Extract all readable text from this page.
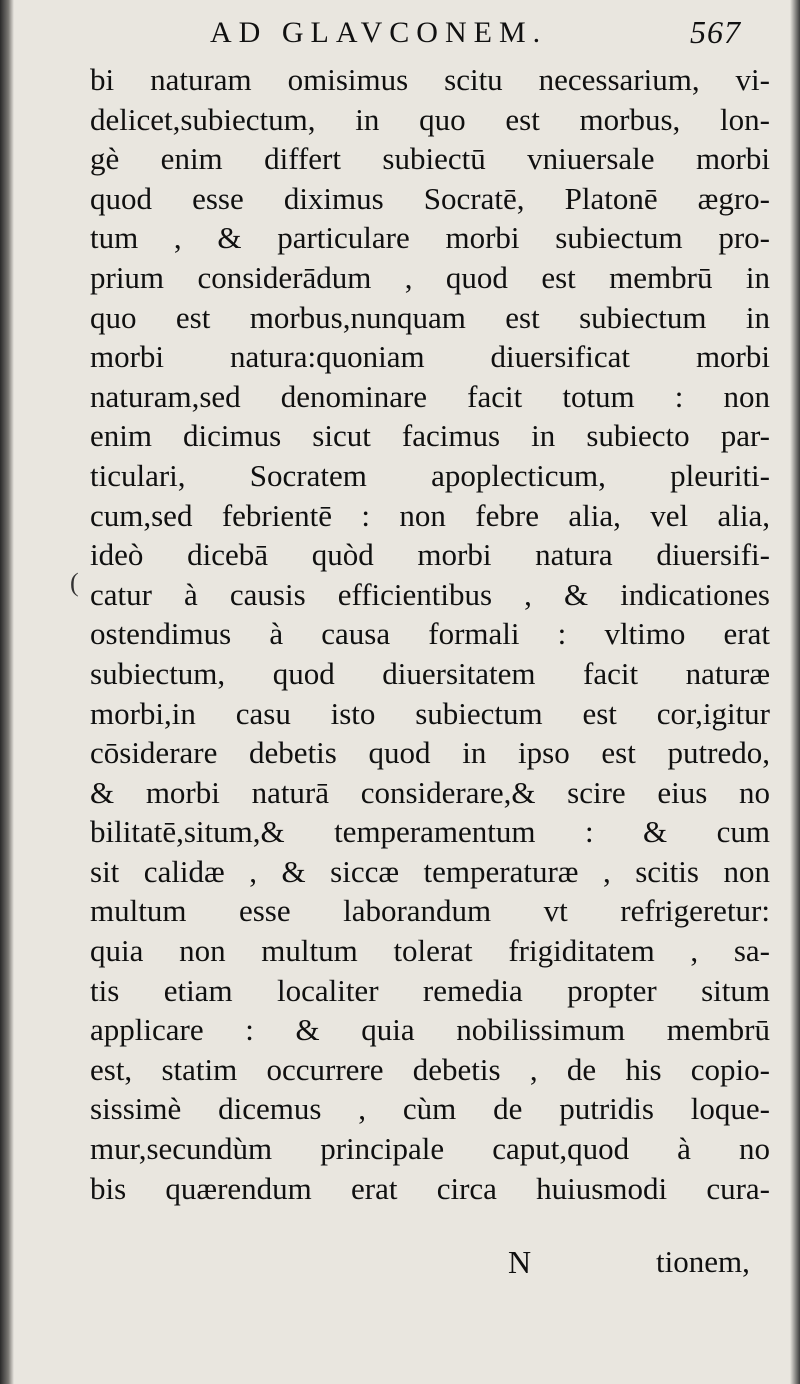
AD GLAVCONEM.	567
(
bi naturam omisimus scitu necessarium, vi-
delicet,subiectum, in quo est morbus, lon-
gè enim differt subiectū vniuersale morbi
quod esse diximus Socratē, Platonē ægro-
tum , & particulare morbi subiectum pro-
prium considerādum , quod est membrū in
quo est morbus,nunquam est subiectum in
morbi natura:quoniam diuersificat morbi
naturam,sed denominare facit totum : non
enim dicimus sicut facimus in subiecto par-
ticulari, Socratem apoplecticum, pleuriti-
cum,sed febrientē : non febre alia, vel alia,
ideò dicebā quòd morbi natura diuersifi-
catur à causis efficientibus , & indicationes
ostendimus à causa formali : vltimo erat
subiectum, quod diuersitatem facit naturæ
morbi,in casu isto subiectum est cor,igitur
cōsiderare debetis quod in ipso est putredo,
& morbi naturā considerare,& scire eius no
bilitatē,situm,& temperamentum : & cum
sit calidæ , & siccæ temperaturæ , scitis non
multum esse laborandum vt refrigeretur:
quia non multum tolerat frigiditatem , sa-
tis etiam localiter remedia propter situm
applicare : & quia nobilissimum membrū
est, statim occurrere debetis , de his copio-
sissimè dicemus , cùm de putridis loque-
mur,secundùm principale caput,quod à no
bis quærendum erat circa huiusmodi cura-
N	tionem,
